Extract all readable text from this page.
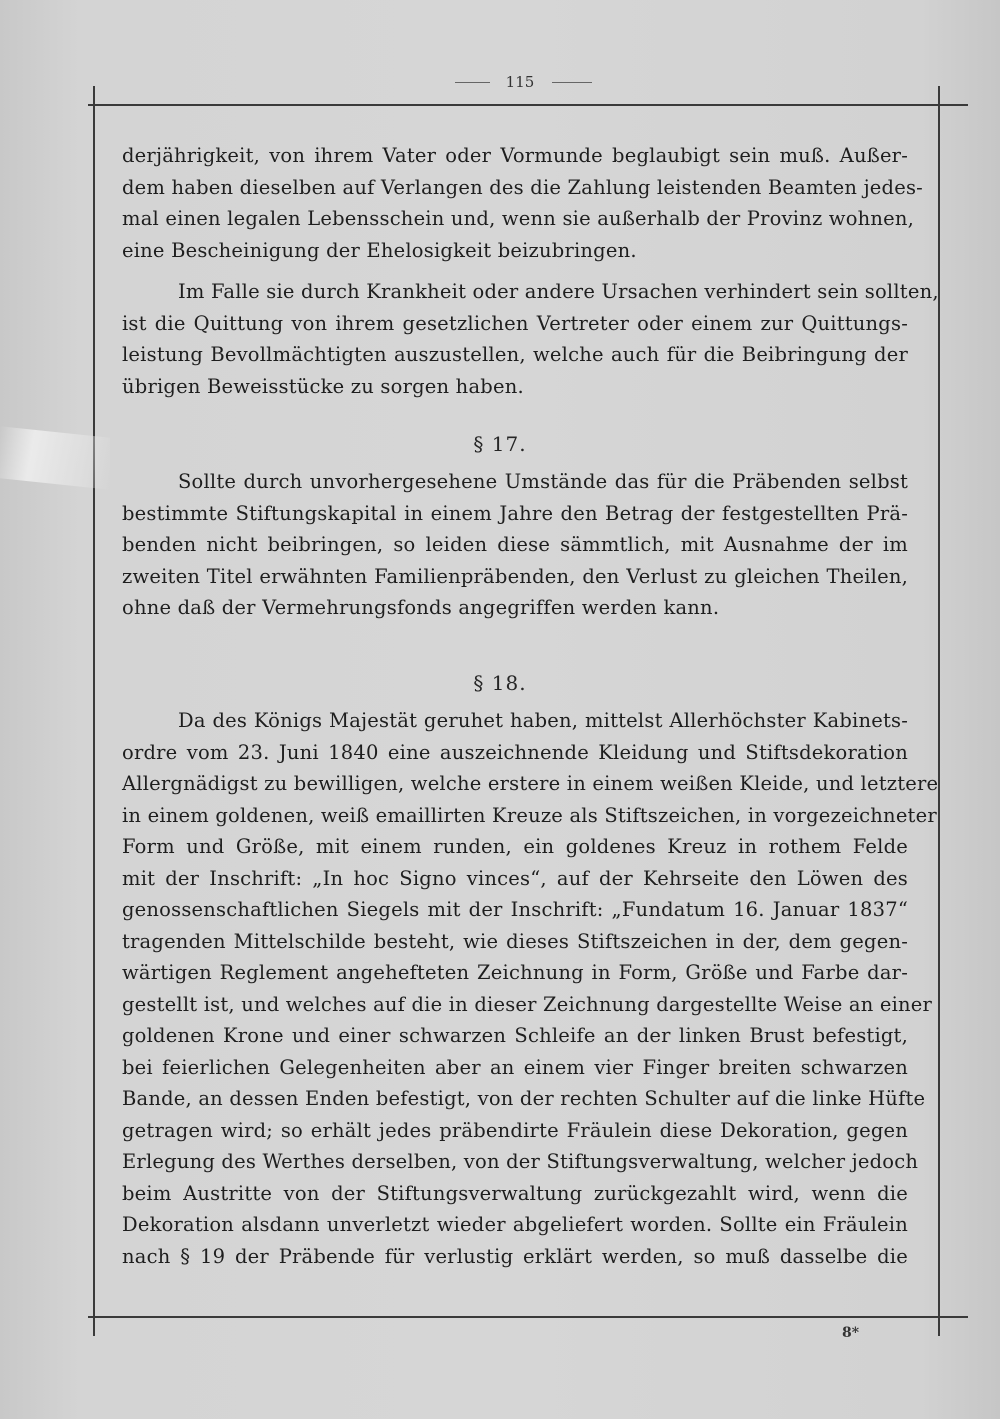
115
derjährigkeit, von ihrem Vater oder Vormunde beglaubigt sein muß. Außer-
dem haben dieselben auf Verlangen des die Zahlung leistenden Beamten jedes-
mal einen legalen Lebensschein und, wenn sie außerhalb der Provinz wohnen,
eine Bescheinigung der Ehelosigkeit beizubringen.
Im Falle sie durch Krankheit oder andere Ursachen verhindert sein sollten,
ist die Quittung von ihrem gesetzlichen Vertreter oder einem zur Quittungs-
leistung Bevollmächtigten auszustellen, welche auch für die Beibringung der
übrigen Beweisstücke zu sorgen haben.
§ 17.
Sollte durch unvorhergesehene Umstände das für die Präbenden selbst
bestimmte Stiftungskapital in einem Jahre den Betrag der festgestellten Prä-
benden nicht beibringen, so leiden diese sämmtlich, mit Ausnahme der im
zweiten Titel erwähnten Familienpräbenden, den Verlust zu gleichen Theilen,
ohne daß der Vermehrungsfonds angegriffen werden kann.
§ 18.
Da des Königs Majestät geruhet haben, mittelst Allerhöchster Kabinets-
ordre vom 23. Juni 1840 eine auszeichnende Kleidung und Stiftsdekoration
Allergnädigst zu bewilligen, welche erstere in einem weißen Kleide, und letztere
in einem goldenen, weiß emaillirten Kreuze als Stiftszeichen, in vorgezeichneter
Form und Größe, mit einem runden, ein goldenes Kreuz in rothem Felde
mit der Inschrift: „In hoc Signo vinces“, auf der Kehrseite den Löwen des
genossenschaftlichen Siegels mit der Inschrift: „Fundatum 16. Januar 1837“
tragenden Mittelschilde besteht, wie dieses Stiftszeichen in der, dem gegen-
wärtigen Reglement angehefteten Zeichnung in Form, Größe und Farbe dar-
gestellt ist, und welches auf die in dieser Zeichnung dargestellte Weise an einer
goldenen Krone und einer schwarzen Schleife an der linken Brust befestigt,
bei feierlichen Gelegenheiten aber an einem vier Finger breiten schwarzen
Bande, an dessen Enden befestigt, von der rechten Schulter auf die linke Hüfte
getragen wird; so erhält jedes präbendirte Fräulein diese Dekoration, gegen
Erlegung des Werthes derselben, von der Stiftungsverwaltung, welcher jedoch
beim Austritte von der Stiftungsverwaltung zurückgezahlt wird, wenn die
Dekoration alsdann unverletzt wieder abgeliefert worden. Sollte ein Fräulein
nach § 19 der Präbende für verlustig erklärt werden, so muß dasselbe die
8*
